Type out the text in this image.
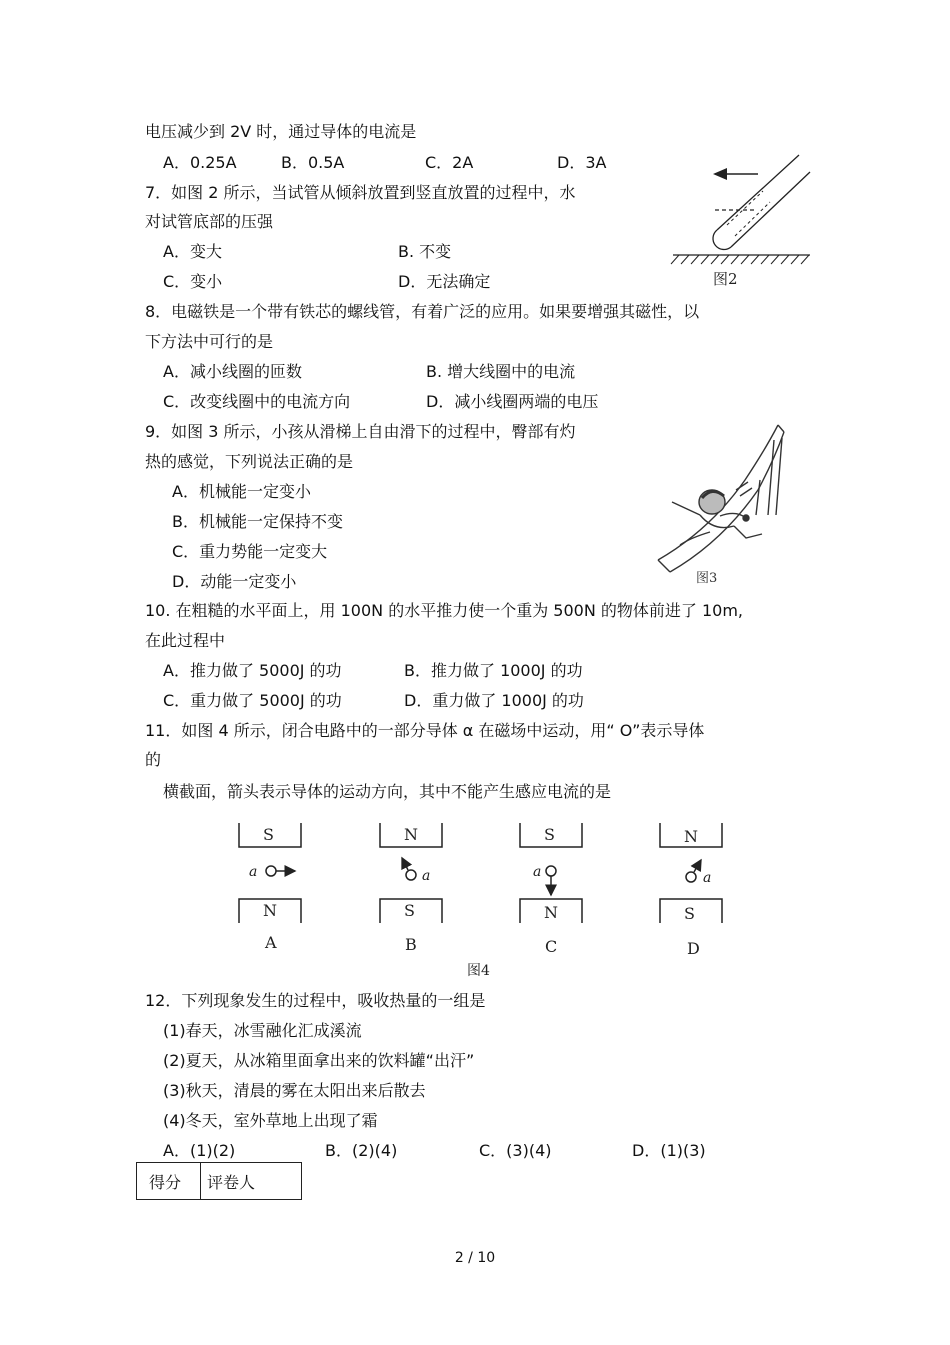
电压减少到 2V 时，通过导体的电流是
A．0.25A	B．0.5A	C．2A	D．3A
7．如图 2 所示，当试管从倾斜放置到竖直放置的过程中，水
对试管底部的压强
A．变大	B. 不变
C．变小	D．无法确定	图2
8．电磁铁是一个带有铁芯的螺线管，有着广泛的应用。如果要增强其磁性，以
下方法中可行的是
A．减小线圈的匝数	B. 增大线圈中的电流
C．改变线圈中的电流方向	D．减小线圈两端的电压
9．如图 3 所示，小孩从滑梯上自由滑下的过程中，臀部有灼
热的感觉，下列说法正确的是
A．机械能一定变小
B．机械能一定保持不变
C．重力势能一定变大
D．动能一定变小	图3
10. 在粗糙的水平面上，用 100N 的水平推力使一个重为 500N 的物体前进了 10m,
在此过程中
A．推力做了 5000J 的功	B．推力做了 1000J 的功
C．重力做了 5000J 的功	D．重力做了 1000J 的功
11．如图 4 所示，闭合电路中的一部分导体 α 在磁场中运动，用“ O”表示导体
的
横截面，箭头表示导体的运动方向，其中不能产生感应电流的是
S
N
a
A
N
S
a
B
S
N
a
C
N
S
a
D
图4
12．下列现象发生的过程中，吸收热量的一组是
(1)春天，冰雪融化汇成溪流
(2)夏天，从冰箱里面拿出来的饮料罐“出汗”
(3)秋天，清晨的雾在太阳出来后散去
(4)冬天，室外草地上出现了霜
A．(1)(2)	B．(2)(4)	C．(3)(4)	D．(1)(3)
得分	评卷人
2 / 10
